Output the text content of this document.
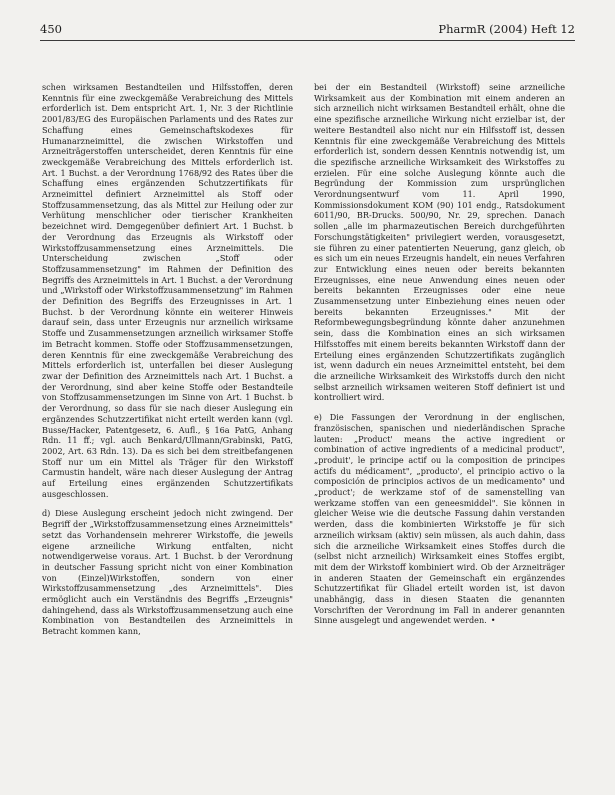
450	PharmR (2004) Heft 12

schen wirksamen Bestandteilen und Hilfsstoffen, deren Kenntnis für eine zweckgemäße Verabreichung des Mittels erforderlich ist. Dem entspricht Art. 1, Nr. 3 der Richtlinie 2001/83/EG des Europäischen Parlaments und des Rates zur Schaffung eines Gemeinschaftskodexes für Humanarzneimittel, die zwischen Wirkstoffen und Arzneiträgerstoffen unterscheidet, deren Kenntnis für eine zweckgemäße Verabreichung des Mittels erforderlich ist. Art. 1 Buchst. a der Verordnung 1768/92 des Rates über die Schaffung eines ergänzenden Schutzzertifikats für Arzneimittel definiert Arzneimittel als Stoff oder Stoffzusammensetzung, das als Mittel zur Heilung oder zur Verhütung menschlicher oder tierischer Krankheiten bezeichnet wird. Demgegenüber definiert Art. 1 Buchst. b der Verordnung das Erzeugnis als Wirkstoff oder Wirkstoffzusammensetzung eines Arzneimittels. Die Unterscheidung zwischen „Stoff oder Stoffzusammensetzung" im Rahmen der Definition des Begriffs des Arzneimittels in Art. 1 Buchst. a der Verordnung und „Wirkstoff oder Wirkstoffzusammensetzung" im Rahmen der Definition des Begriffs des Erzeugnisses in Art. 1 Buchst. b der Verordnung könnte ein weiterer Hinweis darauf sein, dass unter Erzeugnis nur arzneilich wirksame Stoffe und Zusammensetzungen arzneilich wirksamer Stoffe im Betracht kommen. Stoffe oder Stoffzusammensetzungen, deren Kenntnis für eine zweckgemäße Verabreichung des Mittels erforderlich ist, unterfallen bei dieser Auslegung zwar der Definition des Arzneimittels nach Art. 1 Buchst. a der Verordnung, sind aber keine Stoffe oder Bestandteile von Stoffzusammensetzungen im Sinne von Art. 1 Buchst. b der Verordnung, so dass für sie nach dieser Auslegung ein ergänzendes Schutzzertifikat nicht erteilt werden kann (vgl. Busse/Hacker, Patentgesetz, 6. Aufl., § 16a PatG, Anhang Rdn. 11 ff.; vgl. auch Benkard/Ullmann/Grabinski, PatG, 2002, Art. 63 Rdn. 13). Da es sich bei dem streitbefangenen Stoff nur um ein Mittel als Träger für den Wirkstoff Carmustin handelt, wäre nach dieser Auslegung der Antrag auf Erteilung eines ergänzenden Schutzzertifikats ausgeschlossen.

d) Diese Auslegung erscheint jedoch nicht zwingend. Der Begriff der „Wirkstoffzusammensetzung eines Arzneimittels" setzt das Vorhandensein mehrerer Wirkstoffe, die jeweils eigene arzneiliche Wirkung entfalten, nicht notwendigerweise voraus. Art. 1 Buchst. b der Verordnung in deutscher Fassung spricht nicht von einer Kombination von (Einzel)Wirkstoffen, sondern von einer Wirkstoffzusammensetzung „des Arzneimittels". Dies ermöglicht auch ein Verständnis des Begriffs „Erzeugnis" dahingehend, dass als Wirkstoffzusammensetzung auch eine Kombination von Bestandteilen des Arzneimittels in Betracht kommen kann,

bei der ein Bestandteil (Wirkstoff) seine arzneiliche Wirksamkeit aus der Kombination mit einem anderen an sich arzneilich nicht wirksamen Bestandteil erhält, ohne die eine spezifische arzneiliche Wirkung nicht erzielbar ist, der weitere Bestandteil also nicht nur ein Hilfsstoff ist, dessen Kenntnis für eine zweckgemäße Verabreichung des Mittels erforderlich ist, sondern dessen Kenntnis notwendig ist, um die spezifische arzneiliche Wirksamkeit des Wirkstoffes zu erzielen. Für eine solche Auslegung könnte auch die Begründung der Kommission zum ursprünglichen Verordnungsentwurf vom 11. April 1990, Kommissionsdokument KOM (90) 101 endg., Ratsdokument 6011/90, BR-Drucks. 500/90, Nr. 29, sprechen. Danach sollen „alle im pharmazeutischen Bereich durchgeführten Forschungstätigkeiten" privilegiert werden, vorausgesetzt, sie führen zu einer patentierten Neuerung, ganz gleich, ob es sich um ein neues Erzeugnis handelt, ein neues Verfahren zur Entwicklung eines neuen oder bereits bekannten Erzeugnisses, eine neue Anwendung eines neuen oder bereits bekannten Erzeugnisses oder eine neue Zusammensetzung unter Einbeziehung eines neuen oder bereits bekannten Erzeugnisses." Mit der Reformbewegungsbegründung könnte daher anzunehmen sein, dass die Kombination eines an sich wirksamen Hilfsstoffes mit einem bereits bekannten Wirkstoff dann der Erteilung eines ergänzenden Schutzzertifikats zugänglich ist, wenn dadurch ein neues Arzneimittel entsteht, bei dem die arzneiliche Wirksamkeit des Wirkstoffs durch den nicht selbst arzneilich wirksamen weiteren Stoff definiert ist und kontrolliert wird.

e) Die Fassungen der Verordnung in der englischen, französischen, spanischen und niederländischen Sprache lauten: „Product' means the active ingredient or combination of active ingredients of a medicinal product", „produit', le principe actif ou la composition de principes actifs du médicament", „producto', el principio activo o la composición de principios activos de un medicamento" und „product'; de werkzame stof of de samenstelling van werkzame stoffen van een geneesmiddel". Sie können in gleicher Weise wie die deutsche Fassung dahin verstanden werden, dass die kombinierten Wirkstoffe je für sich arzneilich wirksam (aktiv) sein müssen, als auch dahin, dass sich die arzneiliche Wirksamkeit eines Stoffes durch die (selbst nicht arzneilich) Wirksamkeit eines Stoffes ergibt, mit dem der Wirkstoff kombiniert wird. Ob der Arzneiträger in anderen Staaten der Gemeinschaft ein ergänzendes Schutzzertifikat für Gliadel erteilt worden ist, ist davon unabhängig, dass in diesen Staaten die genannten Vorschriften der Verordnung im Fall in anderer genannten Sinne ausgelegt und angewendet werden. •
